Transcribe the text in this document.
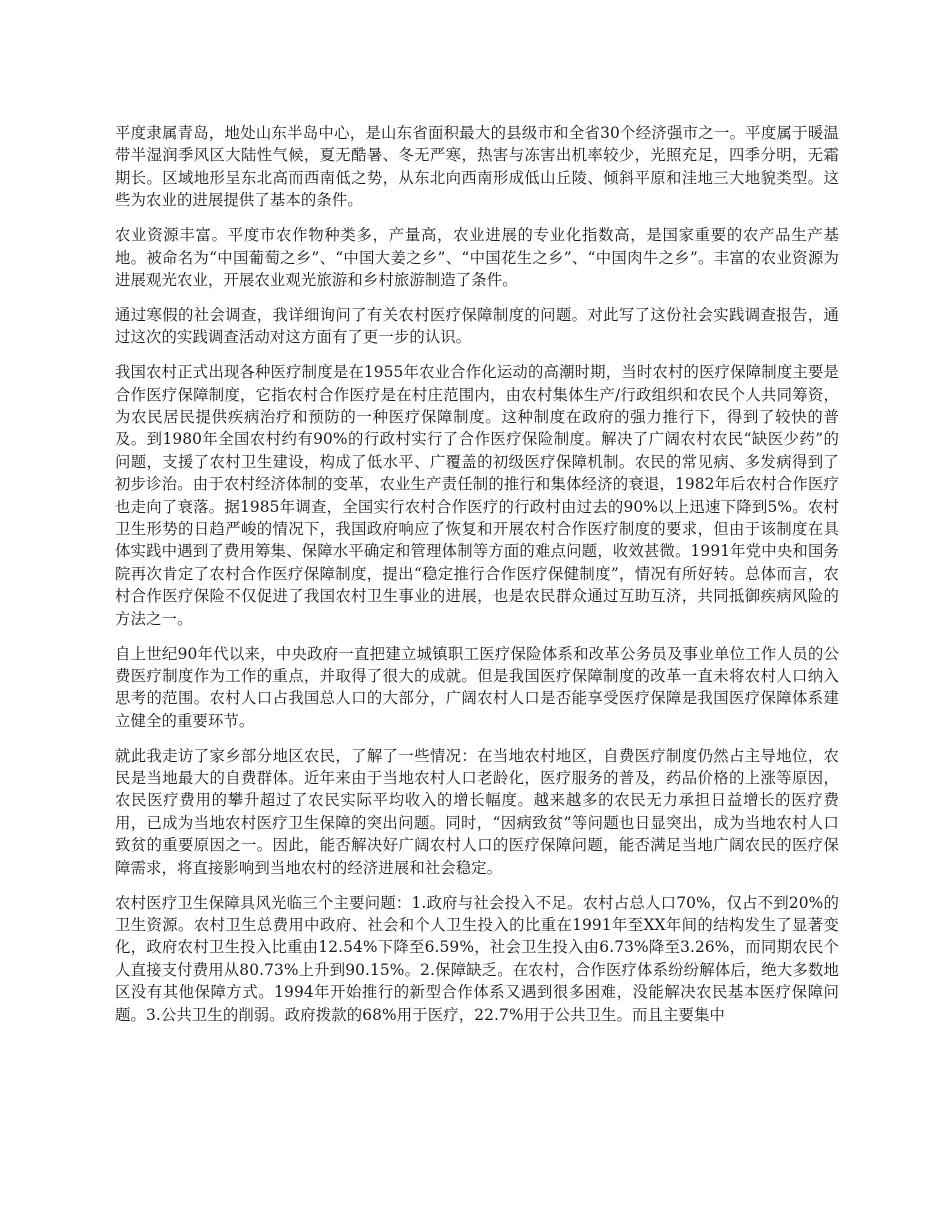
平度隶属青岛，地处山东半岛中心，是山东省面积最大的县级市和全省30个经济强市之一。平度属于暖温带半湿润季风区大陆性气候，夏无酷暑、冬无严寒，热害与冻害出机率较少，光照充足，四季分明，无霜期长。区域地形呈东北高而西南低之势，从东北向西南形成低山丘陵、倾斜平原和洼地三大地貌类型。这些为农业的进展提供了基本的条件。

农业资源丰富。平度市农作物种类多，产量高，农业进展的专业化指数高，是国家重要的农产品生产基地。被命名为“中国葡萄之乡”、“中国大姜之乡”、“中国花生之乡”、“中国肉牛之乡”。丰富的农业资源为进展观光农业，开展农业观光旅游和乡村旅游制造了条件。

通过寒假的社会调查，我详细询问了有关农村医疗保障制度的问题。对此写了这份社会实践调查报告，通过这次的实践调查活动对这方面有了更一步的认识。

我国农村正式出现各种医疗制度是在1955年农业合作化运动的高潮时期，当时农村的医疗保障制度主要是合作医疗保障制度，它指农村合作医疗是在村庄范围内，由农村集体生产/行政组织和农民个人共同筹资，为农民居民提供疾病治疗和预防的一种医疗保障制度。这种制度在政府的强力推行下，得到了较快的普及。到1980年全国农村约有90%的行政村实行了合作医疗保险制度。解决了广阔农村农民“缺医少药”的问题，支援了农村卫生建设，构成了低水平、广覆盖的初级医疗保障机制。农民的常见病、多发病得到了初步诊治。由于农村经济体制的变革，农业生产责任制的推行和集体经济的衰退，1982年后农村合作医疗也走向了衰落。据1985年调查，全国实行农村合作医疗的行政村由过去的90%以上迅速下降到5%。农村卫生形势的日趋严峻的情况下，我国政府响应了恢复和开展农村合作医疗制度的要求，但由于该制度在具体实践中遇到了费用筹集、保障水平确定和管理体制等方面的难点问题，收效甚微。1991年党中央和国务院再次肯定了农村合作医疗保障制度，提出“稳定推行合作医疗保健制度”，情况有所好转。总体而言，农村合作医疗保险不仅促进了我国农村卫生事业的进展，也是农民群众通过互助互济，共同抵御疾病风险的方法之一。

自上世纪90年代以来，中央政府一直把建立城镇职工医疗保险体系和改革公务员及事业单位工作人员的公费医疗制度作为工作的重点，并取得了很大的成就。但是我国医疗保障制度的改革一直未将农村人口纳入思考的范围。农村人口占我国总人口的大部分，广阔农村人口是否能享受医疗保障是我国医疗保障体系建立健全的重要环节。

就此我走访了家乡部分地区农民，了解了一些情况：在当地农村地区，自费医疗制度仍然占主导地位，农民是当地最大的自费群体。近年来由于当地农村人口老龄化，医疗服务的普及，药品价格的上涨等原因，农民医疗费用的攀升超过了农民实际平均收入的增长幅度。越来越多的农民无力承担日益增长的医疗费用，已成为当地农村医疗卫生保障的突出问题。同时，“因病致贫”等问题也日显突出，成为当地农村人口致贫的重要原因之一。因此，能否解决好广阔农村人口的医疗保障问题，能否满足当地广阔农民的医疗保障需求，将直接影响到当地农村的经济进展和社会稳定。

农村医疗卫生保障具风光临三个主要问题：1.政府与社会投入不足。农村占总人口70%，仅占不到20%的卫生资源。农村卫生总费用中政府、社会和个人卫生投入的比重在1991年至XX年间的结构发生了显著变化，政府农村卫生投入比重由12.54%下降至6.59%，社会卫生投入由6.73%降至3.26%，而同期农民个人直接支付费用从80.73%上升到90.15%。2.保障缺乏。在农村，合作医疗体系纷纷解体后，绝大多数地区没有其他保障方式。1994年开始推行的新型合作体系又遇到很多困难，没能解决农民基本医疗保障问题。3.公共卫生的削弱。政府拨款的68%用于医疗，22.7%用于公共卫生。而且主要集中
